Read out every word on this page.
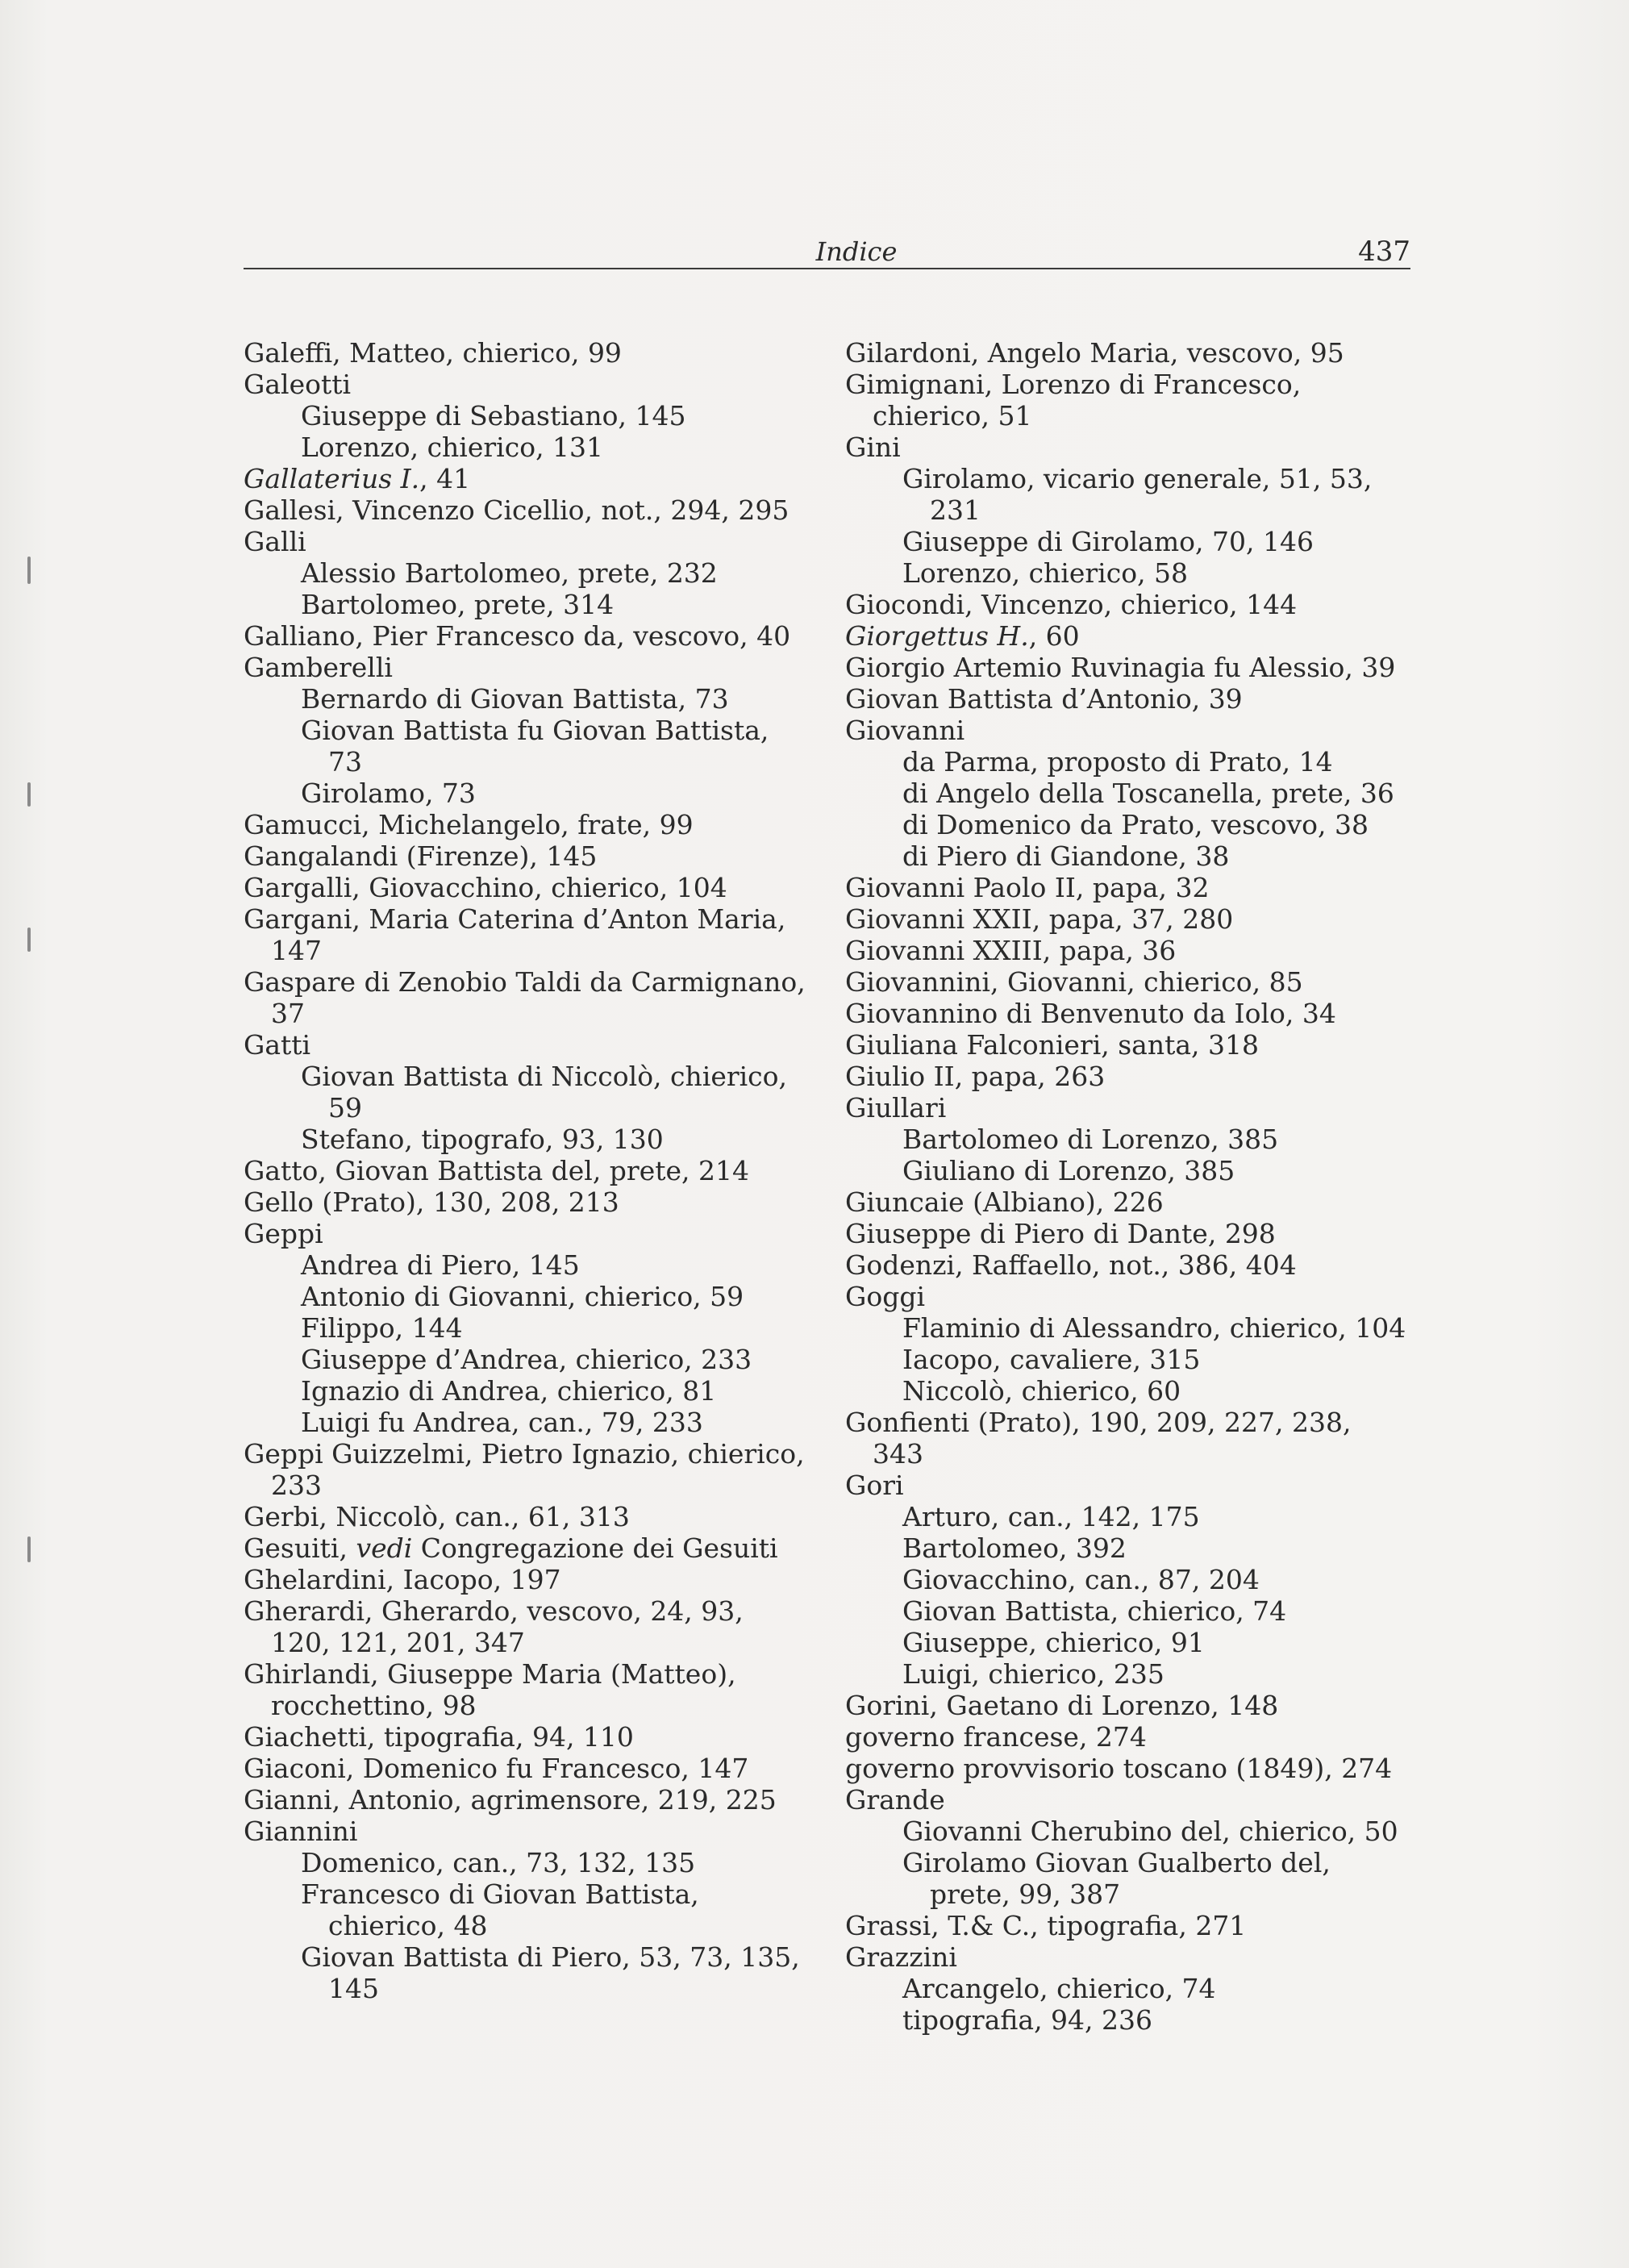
Indice	437
Galeffi, Matteo, chierico, 99
Galeotti
Giuseppe di Sebastiano, 145
Lorenzo, chierico, 131
Gallaterius I., 41
Gallesi, Vincenzo Cicellio, not., 294, 295
Galli
Alessio Bartolomeo, prete, 232
Bartolomeo, prete, 314
Galliano, Pier Francesco da, vescovo, 40
Gamberelli
Bernardo di Giovan Battista, 73
Giovan Battista fu Giovan Battista, 73
Girolamo, 73
Gamucci, Michelangelo, frate, 99
Gangalandi (Firenze), 145
Gargalli, Giovacchino, chierico, 104
Gargani, Maria Caterina d’Anton Maria, 147
Gaspare di Zenobio Taldi da Carmignano, 37
Gatti
Giovan Battista di Niccolò, chierico, 59
Stefano, tipografo, 93, 130
Gatto, Giovan Battista del, prete, 214
Gello (Prato), 130, 208, 213
Geppi
Andrea di Piero, 145
Antonio di Giovanni, chierico, 59
Filippo, 144
Giuseppe d’Andrea, chierico, 233
Ignazio di Andrea, chierico, 81
Luigi fu Andrea, can., 79, 233
Geppi Guizzelmi, Pietro Ignazio, chierico, 233
Gerbi, Niccolò, can., 61, 313
Gesuiti, vedi Congregazione dei Gesuiti
Ghelardini, Iacopo, 197
Gherardi, Gherardo, vescovo, 24, 93, 120, 121, 201, 347
Ghirlandi, Giuseppe Maria (Matteo), rocchettino, 98
Giachetti, tipografia, 94, 110
Giaconi, Domenico fu Francesco, 147
Gianni, Antonio, agrimensore, 219, 225
Giannini
Domenico, can., 73, 132, 135
Francesco di Giovan Battista, chierico, 48
Giovan Battista di Piero, 53, 73, 135, 145
Gilardoni, Angelo Maria, vescovo, 95
Gimignani, Lorenzo di Francesco, chierico, 51
Gini
Girolamo, vicario generale, 51, 53, 231
Giuseppe di Girolamo, 70, 146
Lorenzo, chierico, 58
Giocondi, Vincenzo, chierico, 144
Giorgettus H., 60
Giorgio Artemio Ruvinagia fu Alessio, 39
Giovan Battista d’Antonio, 39
Giovanni
da Parma, proposto di Prato, 14
di Angelo della Toscanella, prete, 36
di Domenico da Prato, vescovo, 38
di Piero di Giandone, 38
Giovanni Paolo II, papa, 32
Giovanni XXII, papa, 37, 280
Giovanni XXIII, papa, 36
Giovannini, Giovanni, chierico, 85
Giovannino di Benvenuto da Iolo, 34
Giuliana Falconieri, santa, 318
Giulio II, papa, 263
Giullari
Bartolomeo di Lorenzo, 385
Giuliano di Lorenzo, 385
Giuncaie (Albiano), 226
Giuseppe di Piero di Dante, 298
Godenzi, Raffaello, not., 386, 404
Goggi
Flaminio di Alessandro, chierico, 104
Iacopo, cavaliere, 315
Niccolò, chierico, 60
Gonfienti (Prato), 190, 209, 227, 238, 343
Gori
Arturo, can., 142, 175
Bartolomeo, 392
Giovacchino, can., 87, 204
Giovan Battista, chierico, 74
Giuseppe, chierico, 91
Luigi, chierico, 235
Gorini, Gaetano di Lorenzo, 148
governo francese, 274
governo provvisorio toscano (1849), 274
Grande
Giovanni Cherubino del, chierico, 50
Girolamo Giovan Gualberto del, prete, 99, 387
Grassi, T.& C., tipografia, 271
Grazzini
Arcangelo, chierico, 74
tipografia, 94, 236
